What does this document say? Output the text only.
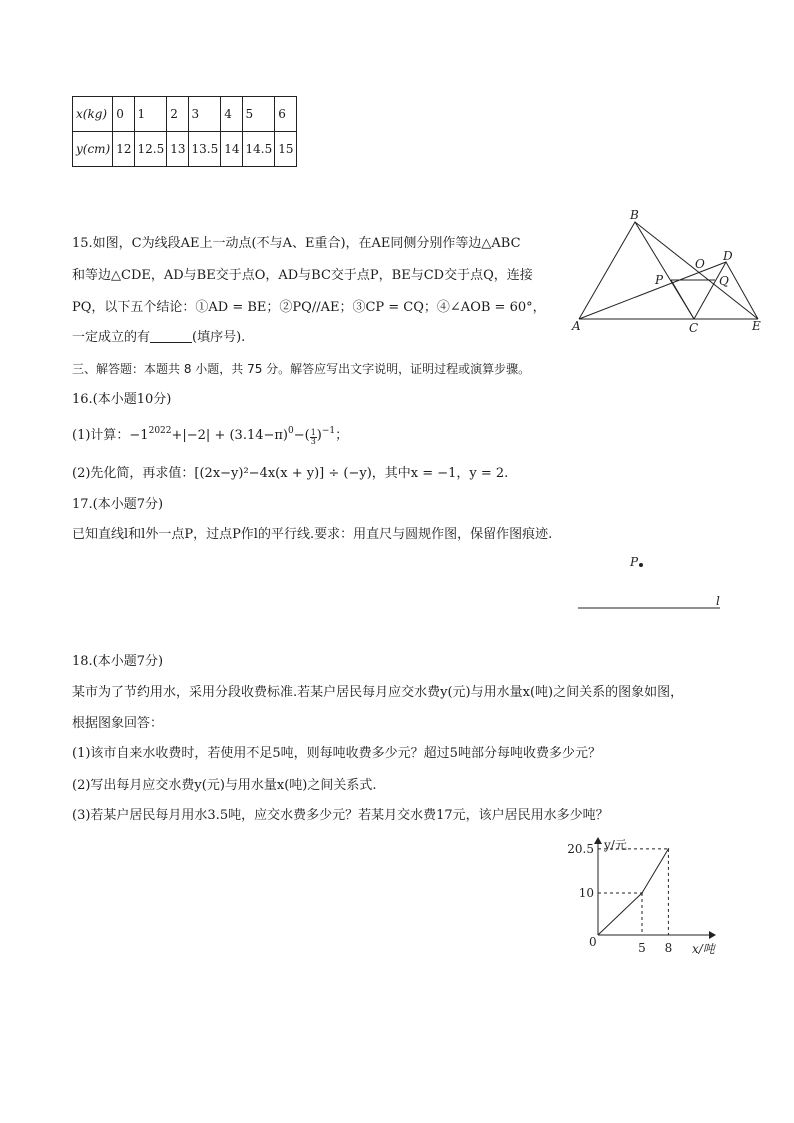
x(kg)	0	1	2	3	4	5	6
y(cm)	12	12.5	13	13.5	14	14.5	15
15.如图，C为线段AE上一动点(不与A、E重合)，在AE同侧分别作等边△ABC
和等边△CDE，AD与BE交于点O，AD与BC交于点P，BE与CD交于点Q，连接
PQ，以下五个结论：①AD = BE；②PQ//AE；③CP = CQ；④∠AOB = 60°，
一定成立的有	(填序号).
B
D
O
P	Q
A	C	E
三、解答题：本题共 8 小题，共 75 分。解答应写出文字说明，证明过程或演算步骤。
16.(本小题10分)
(1)计算：$-1^{2022}+|-2| + (3.14-\pi)^0-( \frac{1}{3} )^{-1}$；
(2)先化简，再求值：[(2x−y)²−4x(x + y)] ÷ (−y)，其中x = −1，y = 2.
17.(本小题7分)
已知直线l和l外一点P，过点P作l的平行线.要求：用直尺与圆规作图，保留作图痕迹.
P
l
18.(本小题7分)
某市为了节约用水，采用分段收费标准.若某户居民每月应交水费y(元)与用水量x(吨)之间关系的图象如图，
根据图象回答：
(1)该市自来水收费时，若使用不足5吨，则每吨收费多少元？超过5吨部分每吨收费多少元？
(2)写出每月应交水费y(元)与用水量x(吨)之间关系式.
(3)若某户居民每月用水3.5吨，应交水费多少元？若某月交水费17元，该户居民用水多少吨？
y/元
x/吨
0
10
5
20.5
8
